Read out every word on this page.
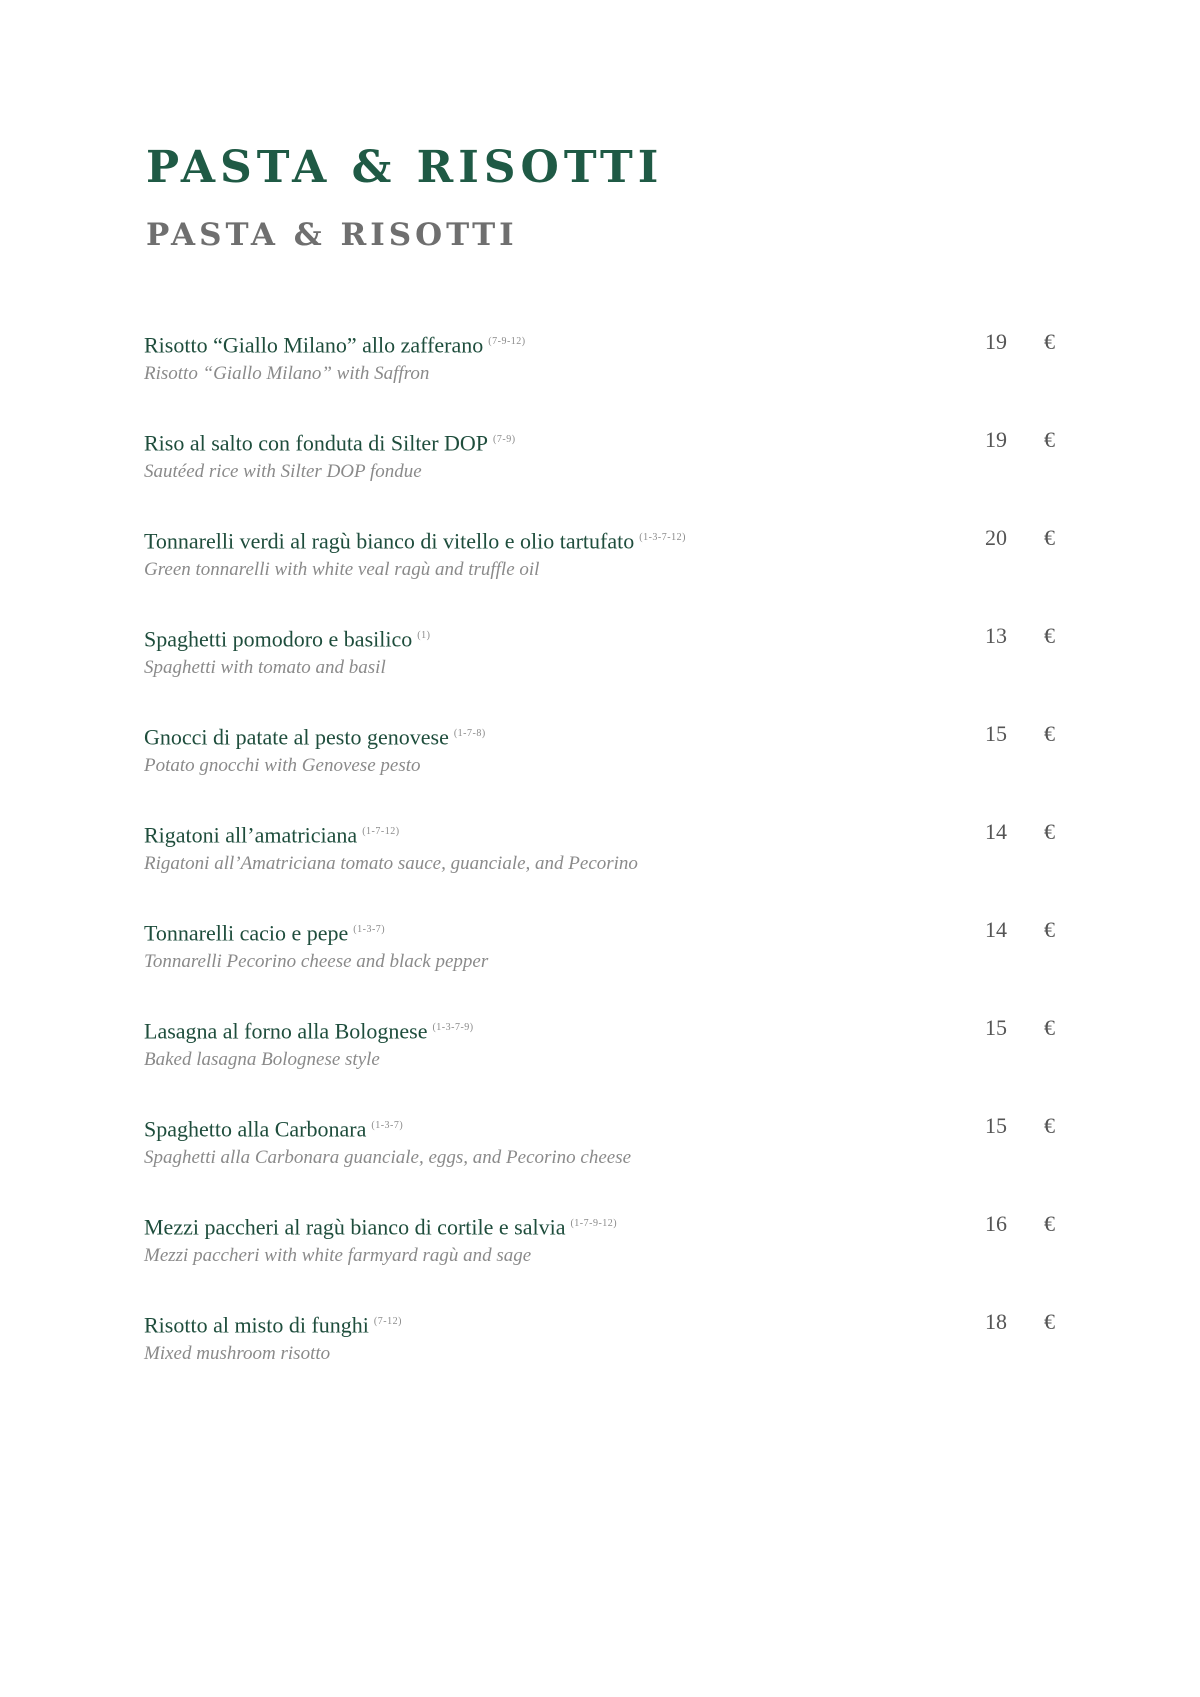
PASTA & RISOTTI
PASTA & RISOTTI
Risotto “Giallo Milano” allo zafferano $^{(7-9-12)}$
Risotto “Giallo Milano” with Saffron
19 €
Riso al salto con fonduta di Silter DOP $^{(7-9)}$
Sautéed rice with Silter DOP fondue
19 €
Tonnarelli verdi al ragù bianco di vitello e olio tartufato $^{(1-3-7-12)}$
Green tonnarelli with white veal ragù and truffle oil
20 €
Spaghetti pomodoro e basilico $^{(1)}$
Spaghetti with tomato and basil
13 €
Gnocci di patate al pesto genovese $^{(1-7-8)}$
Potato gnocchi with Genovese pesto
15 €
Rigatoni all’amatriciana $^{(1-7-12)}$
Rigatoni all’Amatriciana tomato sauce, guanciale, and Pecorino
14 €
Tonnarelli cacio e pepe $^{(1-3-7)}$
Tonnarelli Pecorino cheese and black pepper
14 €
Lasagna al forno alla Bolognese $^{(1-3-7-9)}$
Baked lasagna Bolognese style
15 €
Spaghetto alla Carbonara $^{(1-3-7)}$
Spaghetti alla Carbonara guanciale, eggs, and Pecorino cheese
15 €
Mezzi paccheri al ragù bianco di cortile e salvia $^{(1-7-9-12)}$
Mezzi paccheri with white farmyard ragù and sage
16 €
Risotto al misto di funghi $^{(7-12)}$
Mixed mushroom risotto
18 €
